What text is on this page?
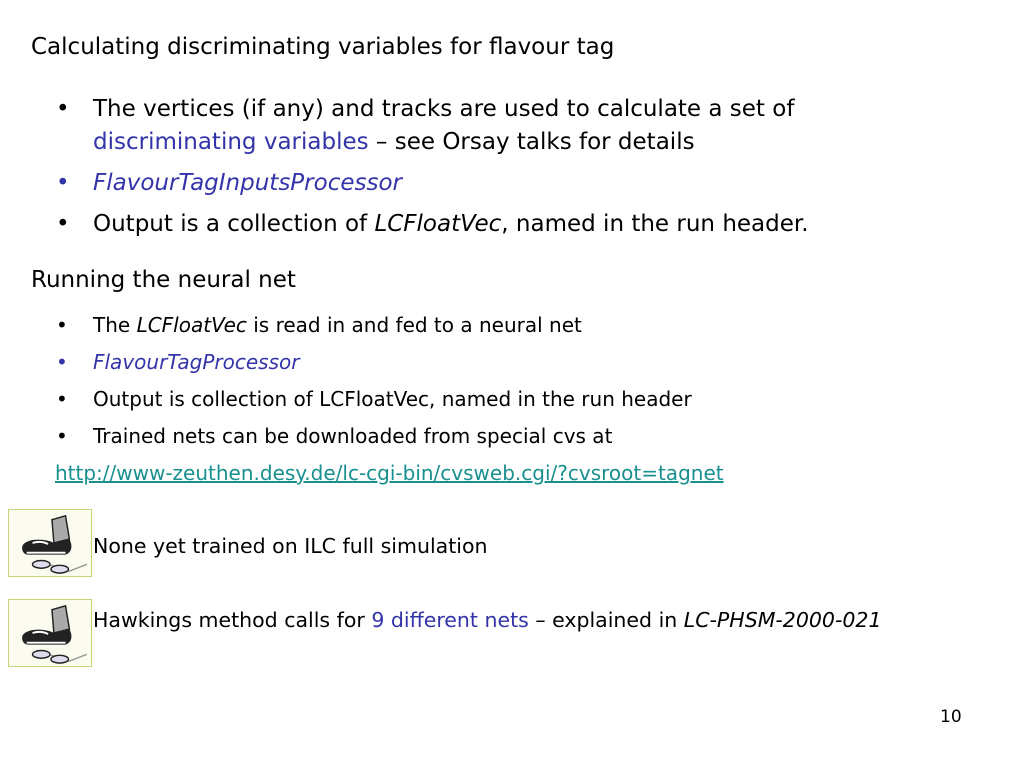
Calculating discriminating variables for flavour tag
• The vertices (if any) and tracks are used to calculate a set of
discriminating variables – see Orsay talks for details
• FlavourTagInputsProcessor
• Output is a collection of LCFloatVec, named in the run header.
Running the neural net
• The LCFloatVec is read in and fed to a neural net
• FlavourTagProcessor
• Output is collection of LCFloatVec, named in the run header
• Trained nets can be downloaded from special cvs at
http://www-zeuthen.desy.de/lc-cgi-bin/cvsweb.cgi/?cvsroot=tagnet
None yet trained on ILC full simulation
Hawkings method calls for 9 different nets – explained in LC-PHSM-2000-021
10
